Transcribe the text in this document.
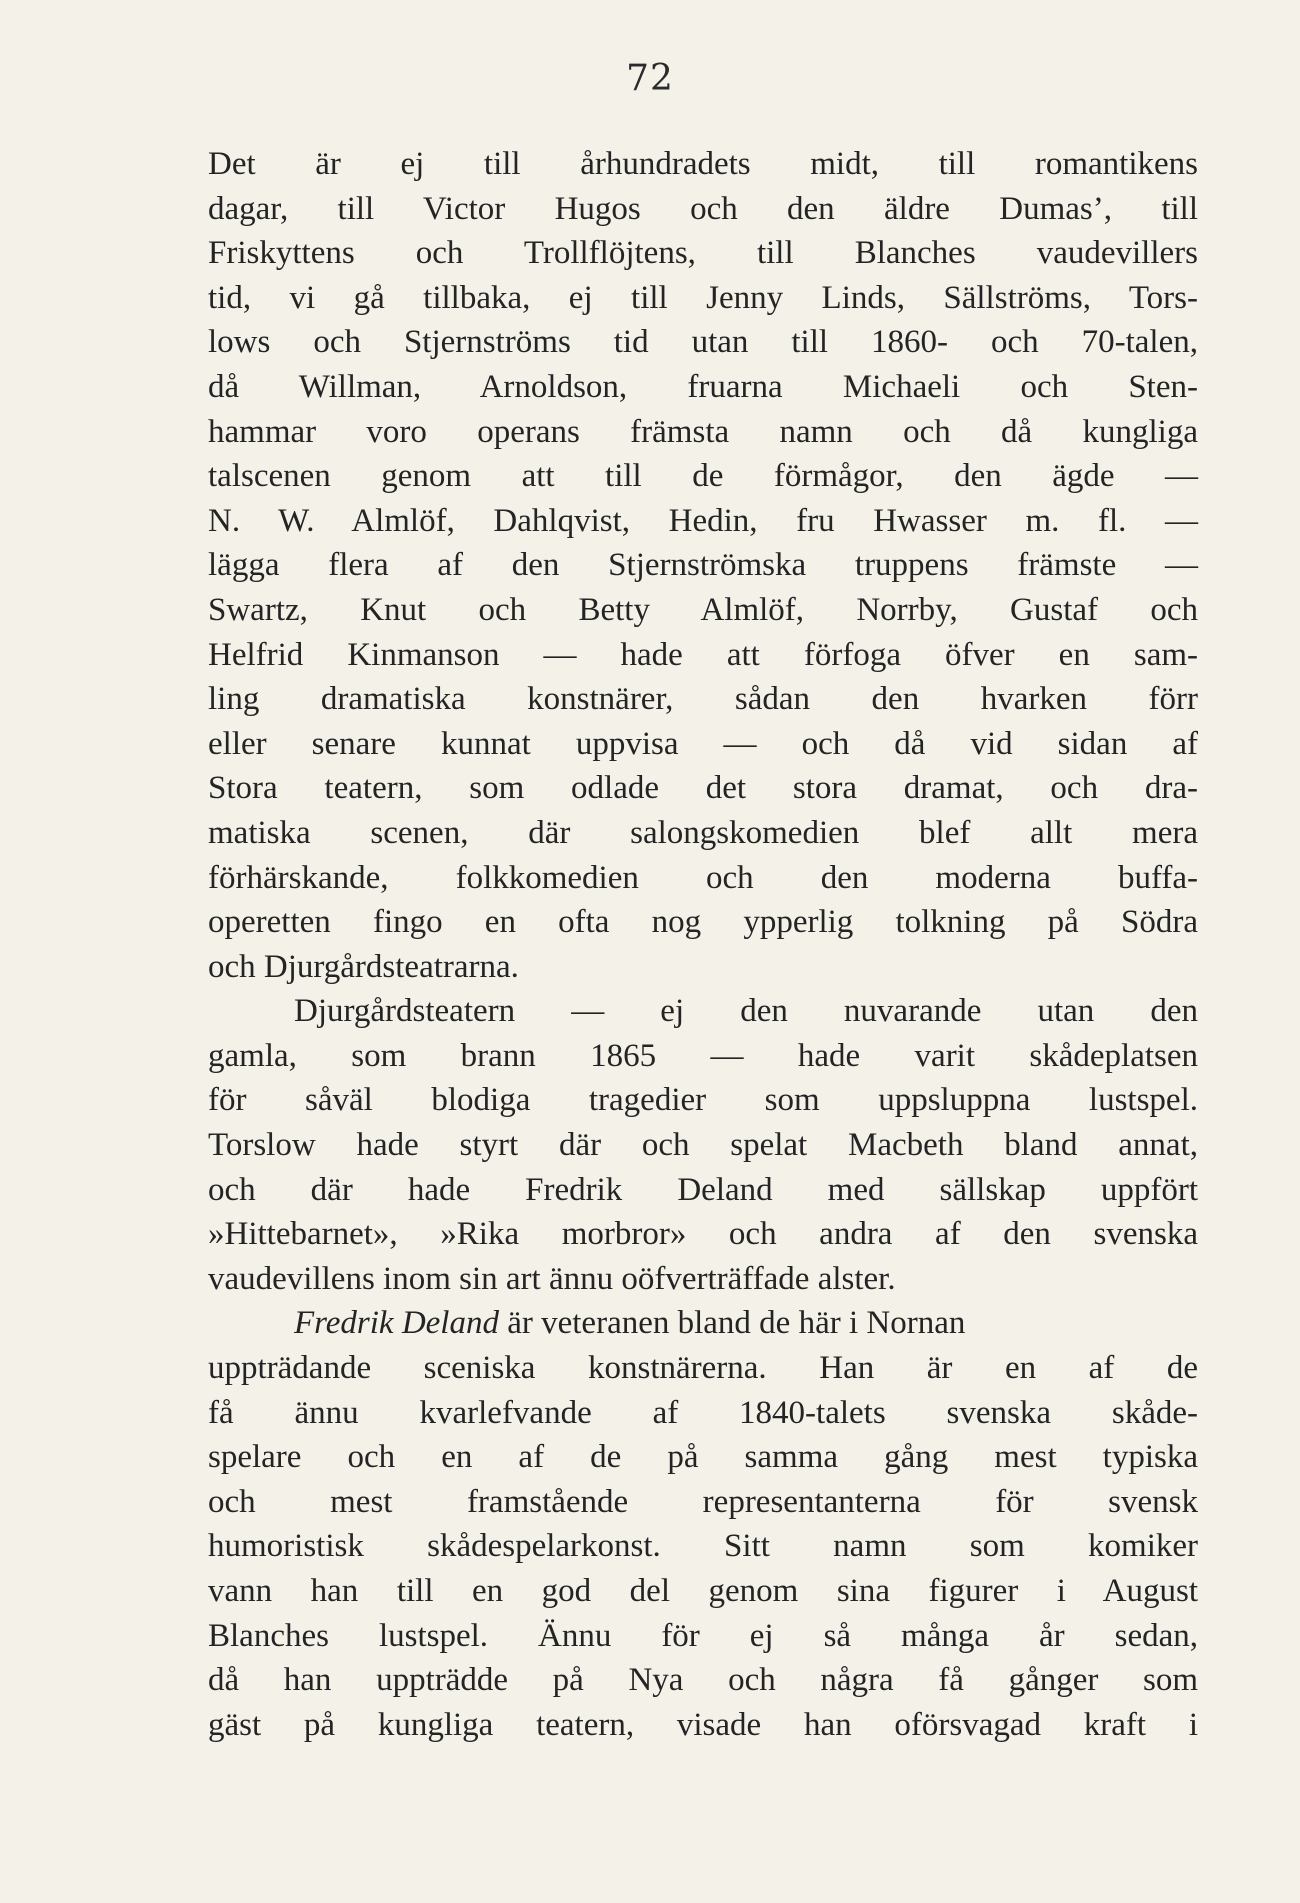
72
Det är ej till århundradets midt, till romantikens
dagar, till Victor Hugos och den äldre Dumas’, till
Friskyttens och Trollflöjtens, till Blanches vaudevillers
tid, vi gå tillbaka, ej till Jenny Linds, Sällströms, Tors-
lows och Stjernströms tid utan till 1860- och 70-talen,
då Willman, Arnoldson, fruarna Michaeli och Sten-
hammar voro operans främsta namn och då kungliga
talscenen genom att till de förmågor, den ägde —
N. W. Almlöf, Dahlqvist, Hedin, fru Hwasser m. fl. —
lägga flera af den Stjernströmska truppens främste —
Swartz, Knut och Betty Almlöf, Norrby, Gustaf och
Helfrid Kinmanson — hade att förfoga öfver en sam-
ling dramatiska konstnärer, sådan den hvarken förr
eller senare kunnat uppvisa — och då vid sidan af
Stora teatern, som odlade det stora dramat, och dra-
matiska scenen, där salongskomedien blef allt mera
förhärskande, folkkomedien och den moderna buffa-
operetten fingo en ofta nog ypperlig tolkning på Södra
och Djurgårdsteatrarna.
Djurgårdsteatern — ej den nuvarande utan den
gamla, som brann 1865 — hade varit skådeplatsen
för såväl blodiga tragedier som uppsluppna lustspel.
Torslow hade styrt där och spelat Macbeth bland annat,
och där hade Fredrik Deland med sällskap uppfört
»Hittebarnet», »Rika morbror» och andra af den svenska
vaudevillens inom sin art ännu oöfverträffade alster.
Fredrik Deland är veteranen bland de här i Nornan
uppträdande sceniska konstnärerna. Han är en af de
få ännu kvarlefvande af 1840-talets svenska skåde-
spelare och en af de på samma gång mest typiska
och mest framstående representanterna för svensk
humoristisk skådespelarkonst. Sitt namn som komiker
vann han till en god del genom sina figurer i August
Blanches lustspel. Ännu för ej så många år sedan,
då han uppträdde på Nya och några få gånger som
gäst på kungliga teatern, visade han oförsvagad kraft i
